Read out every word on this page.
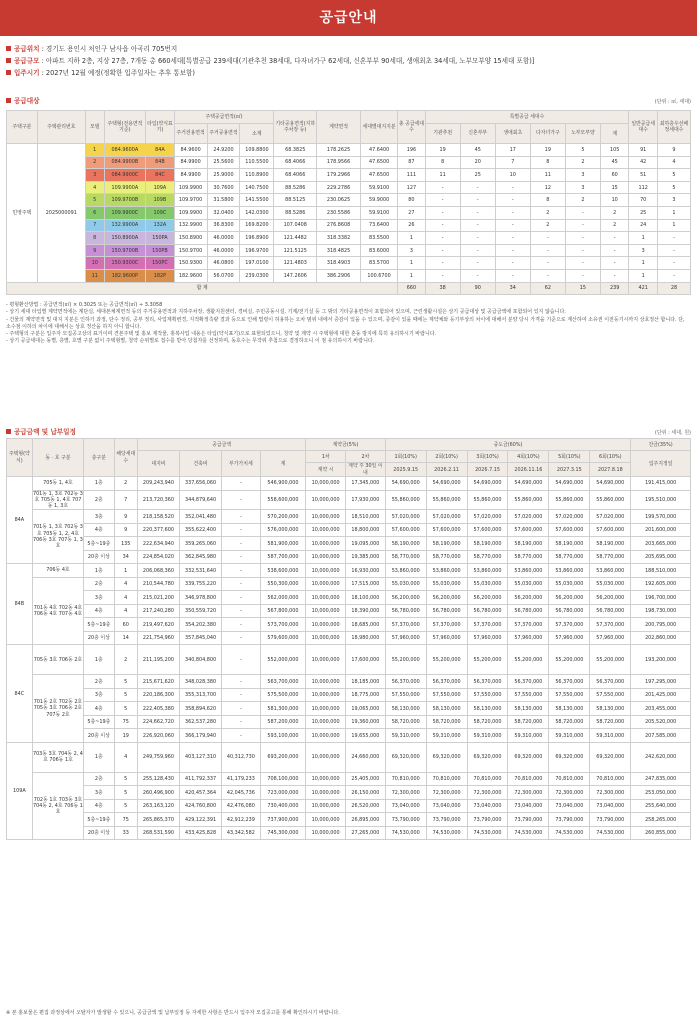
공급안내
공급위치 : 경기도 용인시 처인구 남사읍 아곡리 705번지
공급규모 : 아파트 지하 2층, 지상 27층, 7개동 총 660세대[특별공급 239세대(기관추천 38세대, 다자녀가구 62세대, 신혼부부 90세대, 생애최초 34세대, 노부모부양 15세대 포함)]
입주시기 : 2027년 12월 예정(정확한 입주일자는 추후 통보함)
공급대상	(단위 : ㎡, 세대)
주택구분	주택관리번호	모델	주택형(전용면적 기준)	타입(약식표기)	주택공급면적(㎡)			기타공용면적(지하주차장 등)	계약면적	세대별대지지분	총 공급세대수	특별공급 세대수						일반공급세대수	최하층우선배정세대수
					주거전용면적	주거공용면적	소계					기관추천	신혼부부	생애최초	다자녀가구	노부모부양	계		
민영주택	2025000091	1	084.9600A	84A	84.9600	24.9200	109.8800	68.3825	178.2625	47.6400	196	19	45	17	19	5	105	91	9
		2	084.9900B	84B	84.9900	25.5600	110.5500	68.4066	178.9566	47.6500	87	8	20	7	8	2	45	42	4
		3	084.9900C	84C	84.9900	25.9000	110.8900	68.4066	179.2966	47.6500	111	11	25	10	11	3	60	51	5
		4	109.9900A	109A	109.9900	30.7600	140.7500	88.5286	229.2786	59.9100	127	-	-	-	12	3	15	112	5
		5	109.9700B	109B	109.9700	31.5800	141.5500	88.5125	230.0625	59.9000	80	-	-	-	8	2	10	70	3
		6	109.9900C	109C	109.9900	32.0400	142.0300	88.5286	230.5586	59.9100	27	-	-	-	2	-	2	25	1
		7	132.9900A	132A	132.9900	36.8300	169.8200	107.0408	276.8608	73.6400	26	-	-	-	2	-	2	24	1
		8	150.8900A	150PA	150.8900	46.0000	196.8900	121.4482	318.3382	83.5500	1	-	-	-	-	-	-	1	-
		9	150.9700B	150PB	150.9700	46.0000	196.9700	121.5125	318.4825	83.6000	3	-	-	-	-	-	-	3	-
		10	150.9300C	150PC	150.9300	46.0800	197.0100	121.4803	318.4903	83.5700	1	-	-	-	-	-	-	1	-
		11	182.9600P	182P	182.9600	56.0700	239.0300	147.2606	386.2906	100.6700	1	-	-	-	-	-	-	1	-
합 계											660	38	90	34	62	15	239	421	28
- 평형환산방법 : 공급면적(㎡) × 0.3025 또는 공급면적(㎡) ÷ 3.3058
- 상기 세대 타입별 계약면적에는 계단실, 세대본체계면적 등의 주거공용면적과 지하주차장, 생활지원센터, 경비실, 주민공동시설, 기계/전기실 등 그 밖의 기타공용면적이 포함되어 있으며, 근린생활시설은 상기 공급대상 및 공급금액에 포함되어 있지 않습니다.
- 건물의 계약면적 및 대지 지분은 인하가 과정, 단수 정리, 공부 정리, 사업계획변경, 지적확정측량 결과 등으로 인해 법령이 허용하는 오차 범위 내에서 증감이 있을 수 있으며, 증감이 있을 때에는 계약체와 등기부상의 차이에 대해서 분양 당시 가격을 기준으로 계산하여 소유권 이전등기시까지 상호정산 합니다. 단, 소수점 이하의 차이에 대해서는 상호 정산을 하지 아니 합니다.
- 주택형의 구분은 입주자 모집공고상의 표기이며 견본주택 및 홍보 제작물, 홍복사업 내용은 타입(약식표기)으로 표현되었으니, 청약 및 계약 시 주택형에 대한 혼동 방지에 특히 유의하시기 바랍니다.
- 상기 공급세대는 동별, 층별, 호별 구분 없이 주택형별, 청약 순위별로 접수를 받아 당첨자를 선정하며, 동호수는 무작위 추첨으로 결정하오니 이 점 유의하시기 바랍니다.
공급금액 및 납부일정	(단위 : 세대, 원)
주택형(약식)	동 · 호 구분	층구분	해당세대수	공급금액				계약금(5%)		중도금(60%)						잔금(35%)
				대지비	건축비	부가가치세	계	1차	2차	1회(10%)	2회(10%)	3회(10%)	4회(10%)	5회(10%)	6회(10%)	입주지정일
								계약 시	계약 후 30일 이내	2025.9.15	2026.2.11	2026.7.15	2026.11.16	2027.3.15	2027.8.18	
84A	705동 1, 4호	1층	2	209,243,940	337,656,060	-	546,900,000	10,000,000	17,345,000	54,690,000	54,690,000	54,690,000	54,690,000	54,690,000	54,690,000	191,415,000
	701동 1, 3호 702동 3호 705동 1, 4호 707동 1, 3호	2층	7	213,720,360	344,879,640	-	558,600,000	10,000,000	17,930,000	55,860,000	55,860,000	55,860,000	55,860,000	55,860,000	55,860,000	195,510,000
	701동 1, 3호 702동 3호 705동 1, 2, 4호 706동 3호 707동 1, 3호	3층	9	218,158,520	352,041,480	-	570,200,000	10,000,000	18,510,000	57,020,000	57,020,000	57,020,000	57,020,000	57,020,000	57,020,000	199,570,000
		4층	9	220,377,600	355,622,400	-	576,000,000	10,000,000	18,800,000	57,600,000	57,600,000	57,600,000	57,600,000	57,600,000	57,600,000	201,600,000
		5층~19층	135	222,634,940	359,265,060	-	581,900,000	10,000,000	19,095,000	58,190,000	58,190,000	58,190,000	58,190,000	58,190,000	58,190,000	203,665,000
		20층 이상	34	224,854,020	362,845,980	-	587,700,000	10,000,000	19,385,000	58,770,000	58,770,000	58,770,000	58,770,000	58,770,000	58,770,000	205,695,000
84B	706동 4호	1층	1	206,068,360	332,531,640	-	538,600,000	10,000,000	16,930,000	53,860,000	53,860,000	53,860,000	53,860,000	53,860,000	53,860,000	188,510,000
	701동 4호 702동 4호 706동 4호 707동 4호	2층	4	210,544,780	339,755,220	-	550,300,000	10,000,000	17,515,000	55,030,000	55,030,000	55,030,000	55,030,000	55,030,000	55,030,000	192,605,000
		3층	4	215,021,200	346,978,800	-	562,000,000	10,000,000	18,100,000	56,200,000	56,200,000	56,200,000	56,200,000	56,200,000	56,200,000	196,700,000
		4층	4	217,240,280	350,559,720	-	567,800,000	10,000,000	18,390,000	56,780,000	56,780,000	56,780,000	56,780,000	56,780,000	56,780,000	198,730,000
		5층~19층	60	219,497,620	354,202,380	-	573,700,000	10,000,000	18,685,000	57,370,000	57,370,000	57,370,000	57,370,000	57,370,000	57,370,000	200,795,000
		20층 이상	14	221,754,960	357,845,040	-	579,600,000	10,000,000	18,980,000	57,960,000	57,960,000	57,960,000	57,960,000	57,960,000	57,960,000	202,860,000
84C	705동 3호 706동 2호	1층	2	211,195,200	340,804,800	-	552,000,000	10,000,000	17,600,000	55,200,000	55,200,000	55,200,000	55,200,000	55,200,000	55,200,000	193,200,000
	701동 2호 702동 2호 705동 3호 706동 2호 707동 2호	2층	5	215,671,620	348,028,380	-	563,700,000	10,000,000	18,185,000	56,370,000	56,370,000	56,370,000	56,370,000	56,370,000	56,370,000	197,295,000
		3층	5	220,186,300	355,313,700	-	575,500,000	10,000,000	18,775,000	57,550,000	57,550,000	57,550,000	57,550,000	57,550,000	57,550,000	201,425,000
		4층	5	222,405,380	358,894,620	-	581,300,000	10,000,000	19,065,000	58,130,000	58,130,000	58,130,000	58,130,000	58,130,000	58,130,000	203,455,000
		5층~19층	75	224,662,720	362,537,280	-	587,200,000	10,000,000	19,360,000	58,720,000	58,720,000	58,720,000	58,720,000	58,720,000	58,720,000	205,520,000
		20층 이상	19	226,920,060	366,179,940	-	593,100,000	10,000,000	19,655,000	59,310,000	59,310,000	59,310,000	59,310,000	59,310,000	59,310,000	207,585,000
109A	703동 3호 704동 2, 4호 706동 1호	1층	4	249,759,960	403,127,310	40,312,730	693,200,000	10,000,000	24,660,000	69,320,000	69,320,000	69,320,000	69,320,000	69,320,000	69,320,000	242,620,000
	702동 1호 703동 3호 704동 2, 4호 706동 1호	2층	5	255,128,430	411,792,337	41,179,233	708,100,000	10,000,000	25,405,000	70,810,000	70,810,000	70,810,000	70,810,000	70,810,000	70,810,000	247,835,000
		3층	5	260,496,900	420,457,364	42,045,736	723,000,000	10,000,000	26,150,000	72,300,000	72,300,000	72,300,000	72,300,000	72,300,000	72,300,000	253,050,000
		4층	5	263,163,120	424,760,800	42,476,080	730,400,000	10,000,000	26,520,000	73,040,000	73,040,000	73,040,000	73,040,000	73,040,000	73,040,000	255,640,000
		5층~19층	75	265,865,370	429,122,391	42,912,239	737,900,000	10,000,000	26,895,000	73,790,000	73,790,000	73,790,000	73,790,000	73,790,000	73,790,000	258,265,000
		20층 이상	33	268,531,590	433,425,828	43,342,582	745,300,000	10,000,000	27,265,000	74,530,000	74,530,000	74,530,000	74,530,000	74,530,000	74,530,000	260,855,000
※ 본 홍보물은 편집 과정상에서 오탈자가 발생할 수 있으니, 공급금액 및 납부일정 등 자세한 사항은 반드시 입주자 모집공고를 통해 확인하시기 바랍니다.
